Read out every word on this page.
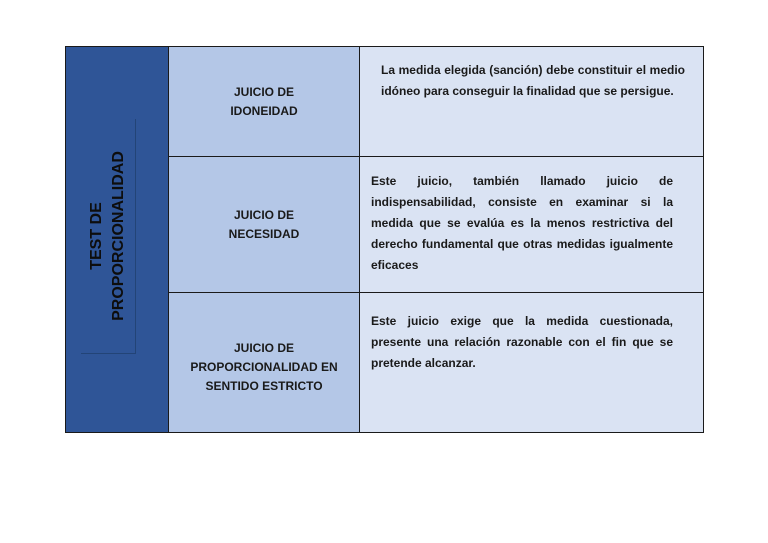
TEST DE
PROPORCIONALIDAD
JUICIO DE
IDONEIDAD

La medida elegida (sanción) debe constituir el medio idóneo para conseguir la finalidad que se persigue.

JUICIO DE
NECESIDAD

Este juicio, también llamado juicio de indispensabilidad, consiste en examinar si la medida que se evalúa es la menos restrictiva del derecho fundamental que otras medidas igualmente eficaces

JUICIO DE
PROPORCIONALIDAD EN
SENTIDO ESTRICTO

Este juicio exige que la medida cuestionada, presente una relación razonable con el fin que se pretende alcanzar.
